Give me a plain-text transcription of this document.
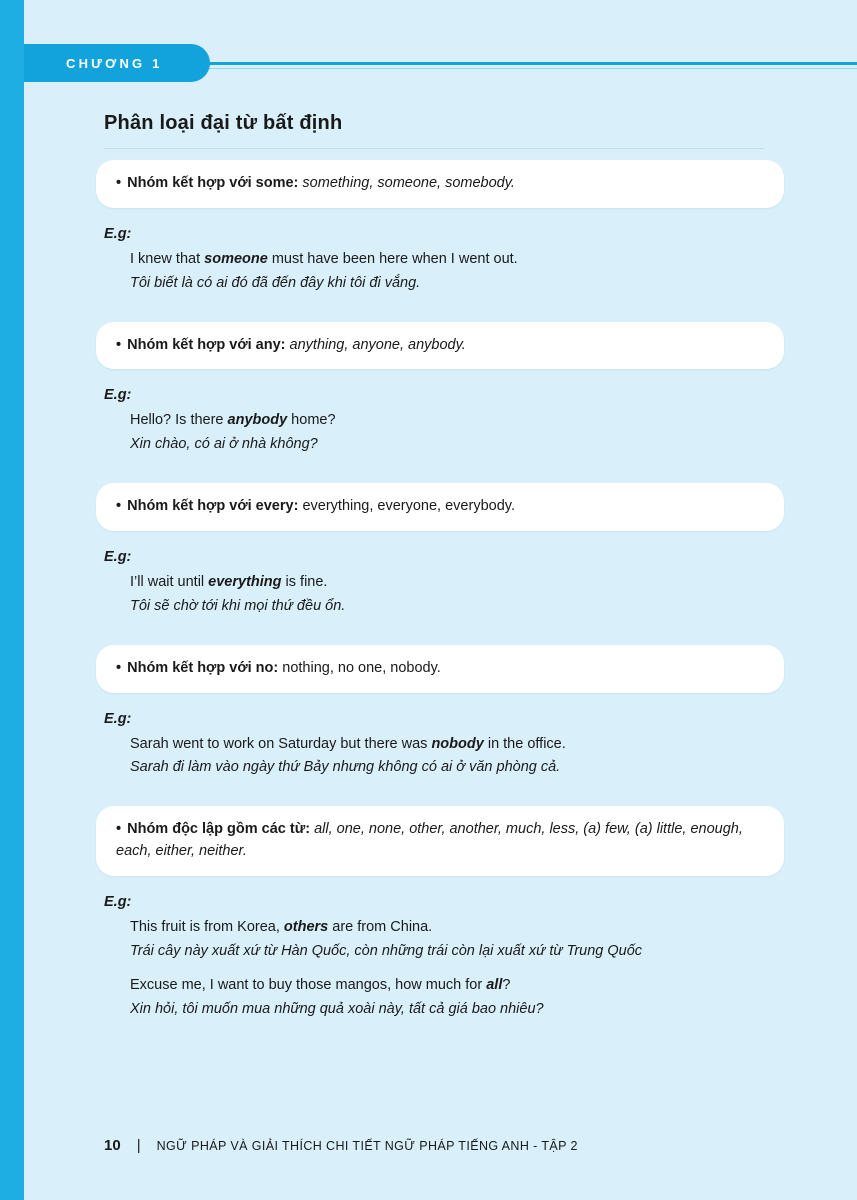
CHƯƠNG 1
Phân loại đại từ bất định
• Nhóm kết hợp với some: something, someone, somebody.
E.g:
I knew that someone must have been here when I went out.
Tôi biết là có ai đó đã đến đây khi tôi đi vắng.
• Nhóm kết hợp với any: anything, anyone, anybody.
E.g:
Hello? Is there anybody home?
Xin chào, có ai ở nhà không?
• Nhóm kết hợp với every: everything, everyone, everybody.
E.g:
I’ll wait until everything is fine.
Tôi sẽ chờ tới khi mọi thứ đều ổn.
• Nhóm kết hợp với no: nothing, no one, nobody.
E.g:
Sarah went to work on Saturday but there was nobody in the office.
Sarah đi làm vào ngày thứ Bảy nhưng không có ai ở văn phòng cả.
• Nhóm độc lập gồm các từ: all, one, none, other, another, much, less, (a) few, (a) little, enough, each, either, neither.
E.g:
This fruit is from Korea, others are from China.
Trái cây này xuất xứ từ Hàn Quốc, còn những trái còn lại xuất xứ từ Trung Quốc
Excuse me, I want to buy those mangos, how much for all?
Xin hỏi, tôi muốn mua những quả xoài này, tất cả giá bao nhiêu?
10 | NGỮ PHÁP VÀ GIẢI THÍCH CHI TIẾT NGỮ PHÁP TIẾNG ANH - TẬP 2
